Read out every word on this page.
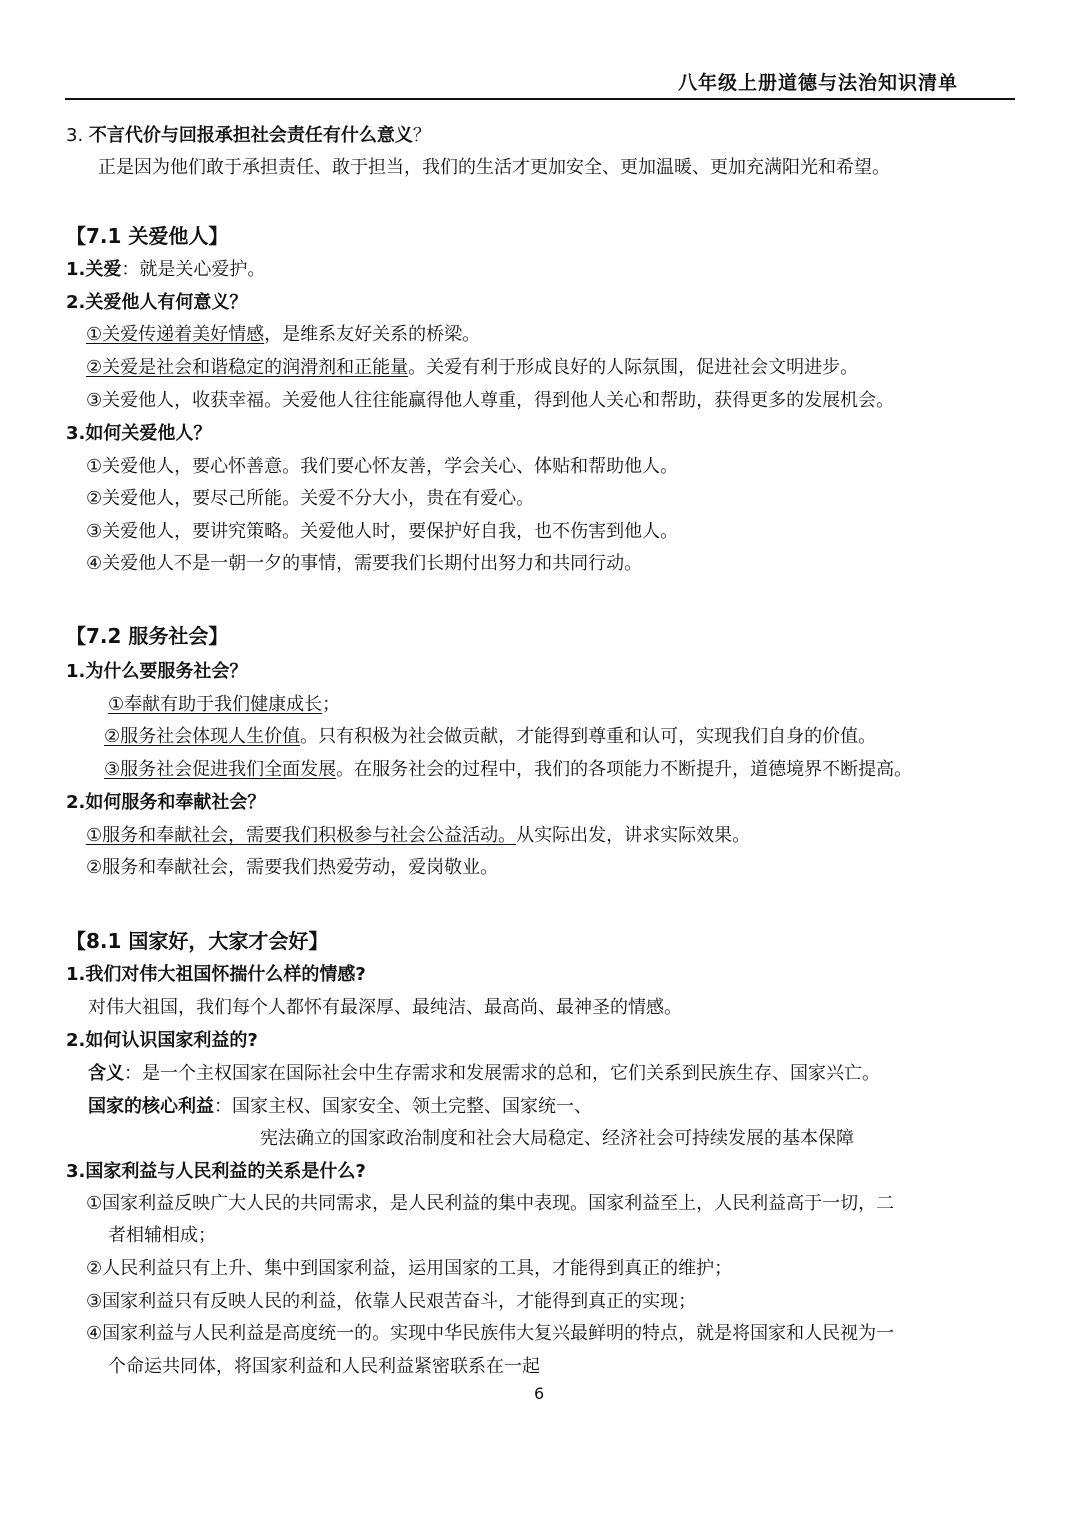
八年级上册道德与法治知识清单
3. 不言代价与回报承担社会责任有什么意义？
正是因为他们敢于承担责任、敢于担当，我们的生活才更加安全、更加温暖、更加充满阳光和希望。
【7.1 关爱他人】
1.关爱：就是关心爱护。
2.关爱他人有何意义？
①关爱传递着美好情感，是维系友好关系的桥梁。
②关爱是社会和谐稳定的润滑剂和正能量。关爱有利于形成良好的人际氛围，促进社会文明进步。
③关爱他人，收获幸福。关爱他人往往能赢得他人尊重，得到他人关心和帮助，获得更多的发展机会。
3.如何关爱他人？
①关爱他人，要心怀善意。我们要心怀友善，学会关心、体贴和帮助他人。
②关爱他人，要尽己所能。关爱不分大小，贵在有爱心。
③关爱他人，要讲究策略。关爱他人时，要保护好自我，也不伤害到他人。
④关爱他人不是一朝一夕的事情，需要我们长期付出努力和共同行动。
【7.2 服务社会】
1.为什么要服务社会？
①奉献有助于我们健康成长；
②服务社会体现人生价值。只有积极为社会做贡献，才能得到尊重和认可，实现我们自身的价值。
③服务社会促进我们全面发展。在服务社会的过程中，我们的各项能力不断提升，道德境界不断提高。
2.如何服务和奉献社会？
①服务和奉献社会，需要我们积极参与社会公益活动。从实际出发，讲求实际效果。
②服务和奉献社会，需要我们热爱劳动，爱岗敬业。
【8.1 国家好，大家才会好】
1.我们对伟大祖国怀揣什么样的情感?
对伟大祖国，我们每个人都怀有最深厚、最纯洁、最高尚、最神圣的情感。
2.如何认识国家利益的?
含义：是一个主权国家在国际社会中生存需求和发展需求的总和，它们关系到民族生存、国家兴亡。
国家的核心利益：国家主权、国家安全、领土完整、国家统一、
宪法确立的国家政治制度和社会大局稳定、经济社会可持续发展的基本保障
3.国家利益与人民利益的关系是什么?
①国家利益反映广大人民的共同需求，是人民利益的集中表现。国家利益至上，人民利益高于一切，二
者相辅相成；
②人民利益只有上升、集中到国家利益，运用国家的工具，才能得到真正的维护；
③国家利益只有反映人民的利益，依靠人民艰苦奋斗，才能得到真正的实现；
④国家利益与人民利益是高度统一的。实现中华民族伟大复兴最鲜明的特点，就是将国家和人民视为一
个命运共同体，将国家利益和人民利益紧密联系在一起
6
